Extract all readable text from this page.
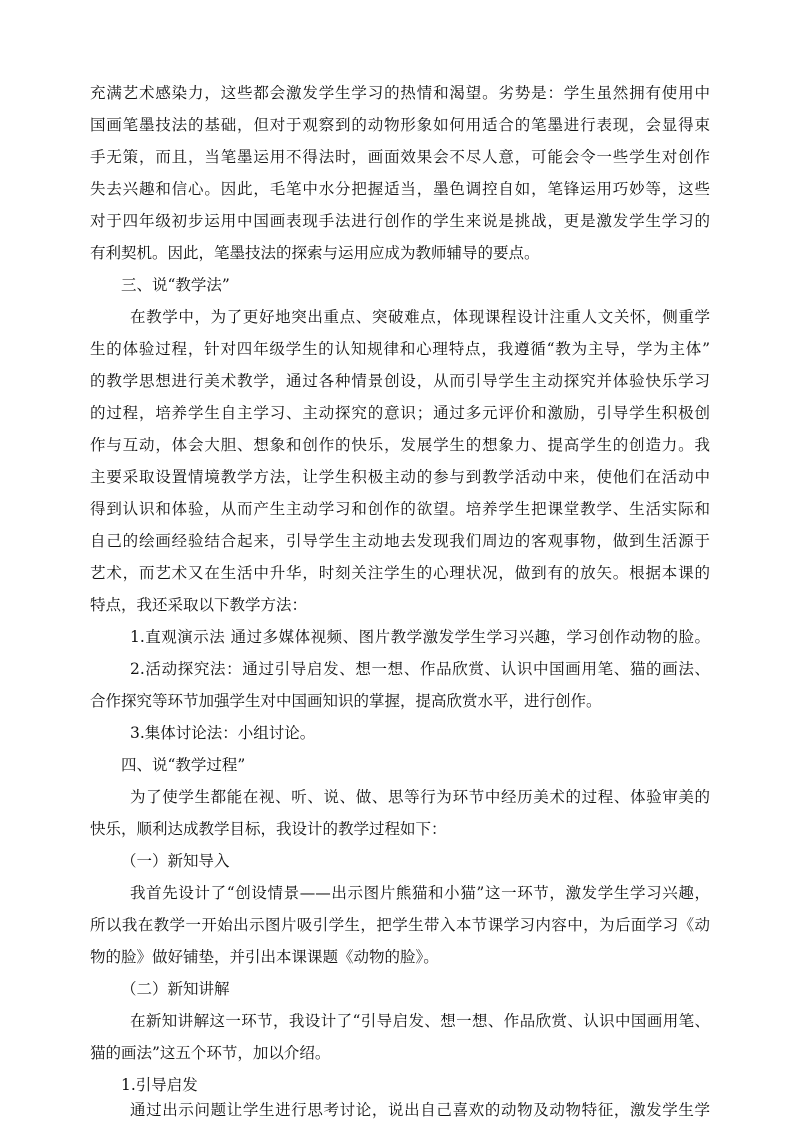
充满艺术感染力，这些都会激发学生学习的热情和渴望。劣势是：学生虽然拥有使用中
国画笔墨技法的基础，但对于观察到的动物形象如何用适合的笔墨进行表现，会显得束
手无策，而且，当笔墨运用不得法时，画面效果会不尽人意，可能会令一些学生对创作
失去兴趣和信心。因此，毛笔中水分把握适当，墨色调控自如，笔锋运用巧妙等，这些
对于四年级初步运用中国画表现手法进行创作的学生来说是挑战，更是激发学生学习的
有利契机。因此，笔墨技法的探索与运用应成为教师辅导的要点。
三、说“教学法”
在教学中，为了更好地突出重点、突破难点，体现课程设计注重人文关怀，侧重学
生的体验过程，针对四年级学生的认知规律和心理特点，我遵循“教为主导，学为主体”
的教学思想进行美术教学，通过各种情景创设，从而引导学生主动探究并体验快乐学习
的过程，培养学生自主学习、主动探究的意识；通过多元评价和激励，引导学生积极创
作与互动，体会大胆、想象和创作的快乐，发展学生的想象力、提高学生的创造力。我
主要采取设置情境教学方法，让学生积极主动的参与到教学活动中来，使他们在活动中
得到认识和体验，从而产生主动学习和创作的欲望。培养学生把课堂教学、生活实际和
自己的绘画经验结合起来，引导学生主动地去发现我们周边的客观事物，做到生活源于
艺术，而艺术又在生活中升华，时刻关注学生的心理状况，做到有的放矢。根据本课的
特点，我还采取以下教学方法：
1.直观演示法 通过多媒体视频、图片教学激发学生学习兴趣，学习创作动物的脸。
2.活动探究法：通过引导启发、想一想、作品欣赏、认识中国画用笔、猫的画法、
合作探究等环节加强学生对中国画知识的掌握，提高欣赏水平，进行创作。
3.集体讨论法：小组讨论。
四、说“教学过程”
为了使学生都能在视、听、说、做、思等行为环节中经历美术的过程、体验审美的
快乐，顺利达成教学目标，我设计的教学过程如下：
（一）新知导入
我首先设计了“创设情景——出示图片熊猫和小猫”这一环节，激发学生学习兴趣，
所以我在教学一开始出示图片吸引学生，把学生带入本节课学习内容中，为后面学习《动
物的脸》做好铺垫，并引出本课课题《动物的脸》。
（二）新知讲解
在新知讲解这一环节，我设计了“引导启发、想一想、作品欣赏、认识中国画用笔、
猫的画法”这五个环节，加以介绍。
1.引导启发
通过出示问题让学生进行思考讨论，说出自己喜欢的动物及动物特征，激发学生学
